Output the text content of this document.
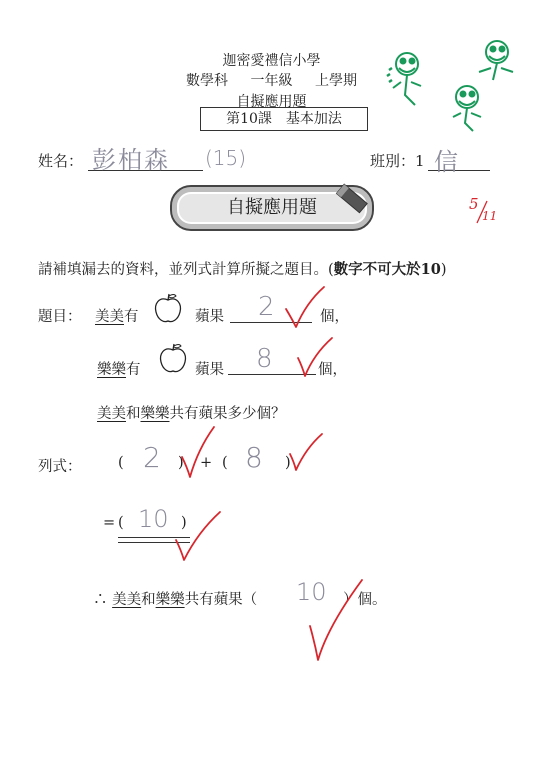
迦密愛禮信小學
數學科 一年級 上學期
自擬應用題
第10課　基本加法
姓名： 彭柏森	(15)	班別：1 信
自擬應用題	5
11
請補填漏去的資料，並列式計算所擬之題目。(數字不可大於10)
題目： 美美有	蘋果 2	個，
樂樂有	蘋果 8	個，
美美和樂樂共有蘋果多少個？
列式：	( 2 ) + ( 8 )
= ( 10 )
∴ 美美和樂樂共有蘋果（ 10 ）個。
